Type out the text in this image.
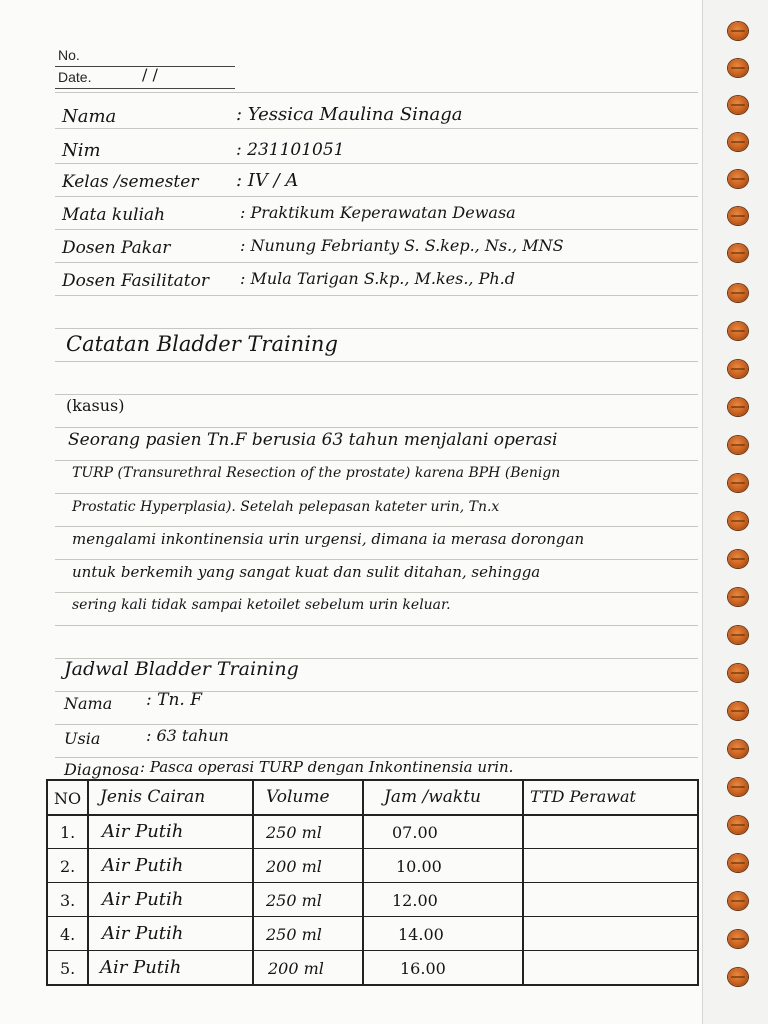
No.
Date.	/ /
Nama	: Yessica Maulina Sinaga
Nim	: 231101051
Kelas /semester : IV / A
Mata kuliah	: Praktikum Keperawatan Dewasa
Dosen Pakar	: Nunung Febrianty S. S.kep., Ns., MNS
Dosen Fasilitator : Mula Tarigan S.kp., M.kes., Ph.d
Catatan Bladder Training
(kasus)
Seorang pasien Tn.F berusia 63 tahun menjalani operasi
TURP (Transurethral Resection of the prostate) karena BPH (Benign
Prostatic Hyperplasia). Setelah pelepasan kateter urin, Tn.x
mengalami inkontinensia urin urgensi, dimana ia merasa dorongan
untuk berkemih yang sangat kuat dan sulit ditahan, sehingga
sering kali tidak sampai ketoilet sebelum urin keluar.
Jadwal Bladder Training
Nama : Tn. F
Usia	: 63 tahun
Diagnosa : Pasca operasi TURP dengan Inkontinensia urin.
NO Jenis Cairan	Volume	Jam /waktu	TTD Perawat
1. Air Putih	250 ml	07.00
2. Air Putih	200 ml	10.00
3. Air Putih	250 ml	12.00
4. Air Putih	250 ml	14.00
5. Air Putih	200 ml	16.00
